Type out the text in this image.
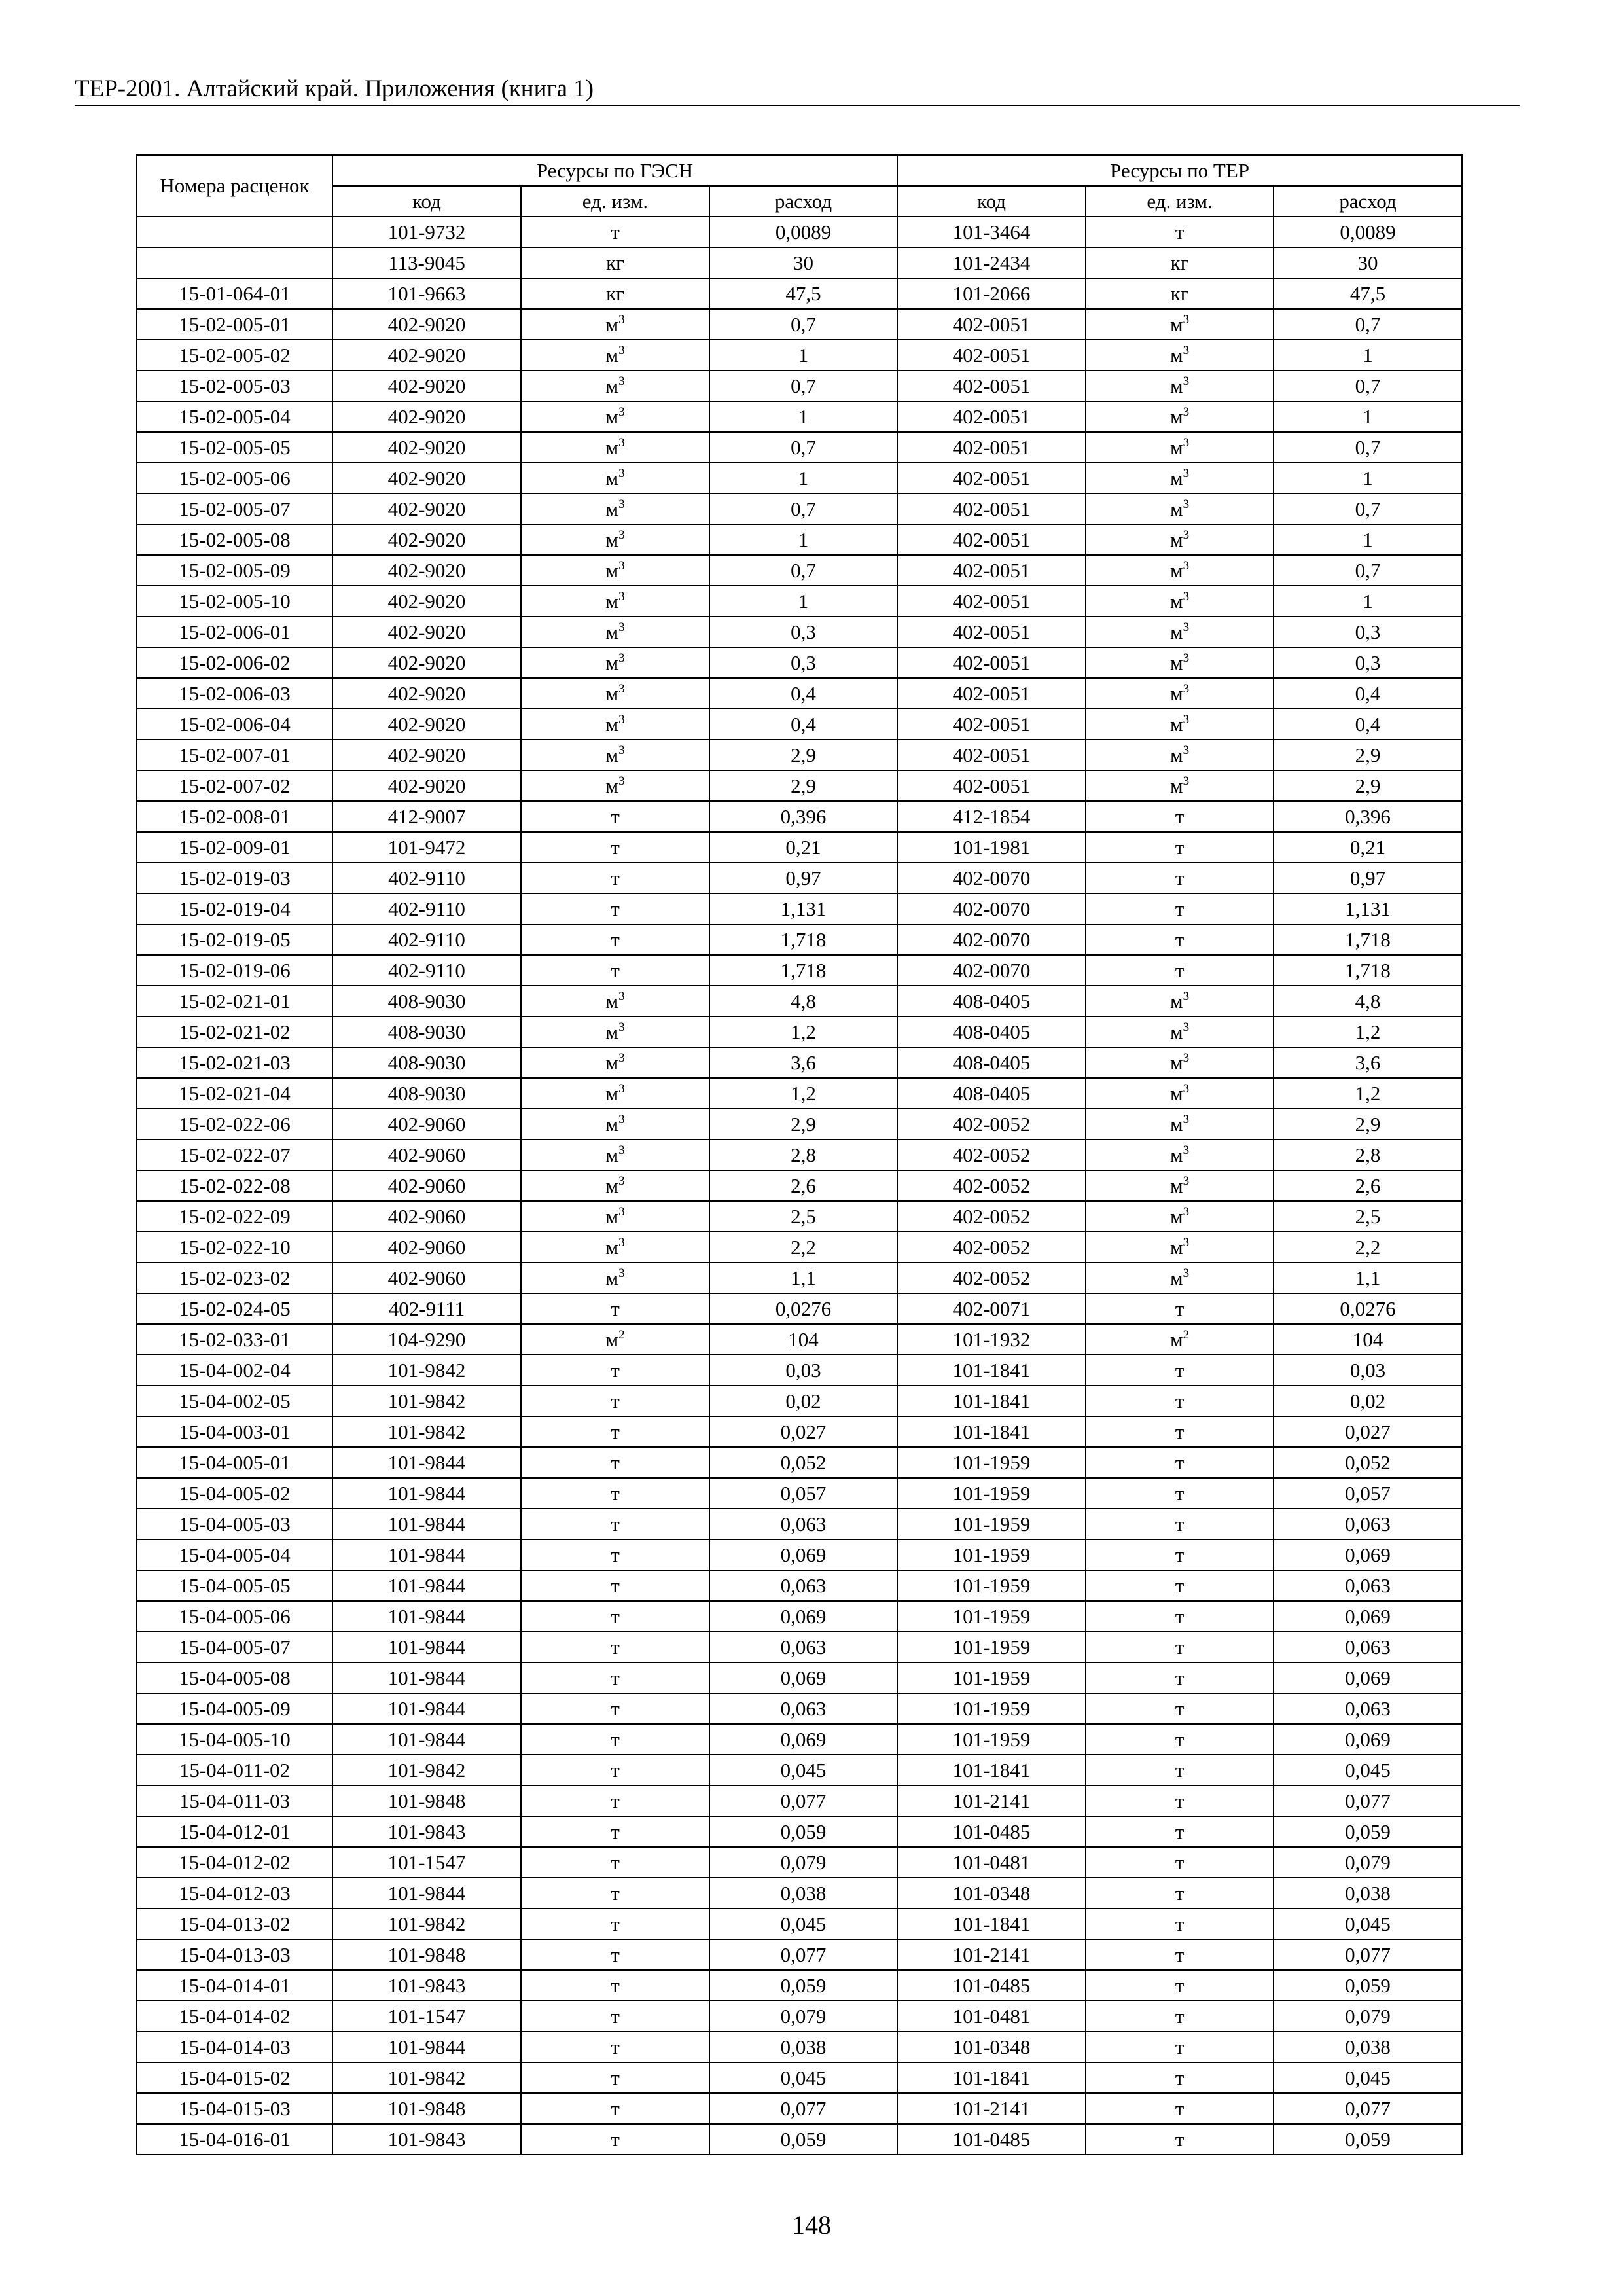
ТЕР-2001. Алтайский край. Приложения (книга 1)
Номера расценок	Ресурсы по ГЭСН			Ресурсы по ТЕР		
	код	ед. изм.	расход	код	ед. изм.	расход
	101-9732	т	0,0089	101-3464	т	0,0089
	113-9045	кг	30	101-2434	кг	30
15-01-064-01	101-9663	кг	47,5	101-2066	кг	47,5
15-02-005-01	402-9020	$м^3$	0,7	402-0051	$м^3$	0,7
15-02-005-02	402-9020	$м^3$	1	402-0051	$м^3$	1
15-02-005-03	402-9020	$м^3$	0,7	402-0051	$м^3$	0,7
15-02-005-04	402-9020	$м^3$	1	402-0051	$м^3$	1
15-02-005-05	402-9020	$м^3$	0,7	402-0051	$м^3$	0,7
15-02-005-06	402-9020	$м^3$	1	402-0051	$м^3$	1
15-02-005-07	402-9020	$м^3$	0,7	402-0051	$м^3$	0,7
15-02-005-08	402-9020	$м^3$	1	402-0051	$м^3$	1
15-02-005-09	402-9020	$м^3$	0,7	402-0051	$м^3$	0,7
15-02-005-10	402-9020	$м^3$	1	402-0051	$м^3$	1
15-02-006-01	402-9020	$м^3$	0,3	402-0051	$м^3$	0,3
15-02-006-02	402-9020	$м^3$	0,3	402-0051	$м^3$	0,3
15-02-006-03	402-9020	$м^3$	0,4	402-0051	$м^3$	0,4
15-02-006-04	402-9020	$м^3$	0,4	402-0051	$м^3$	0,4
15-02-007-01	402-9020	$м^3$	2,9	402-0051	$м^3$	2,9
15-02-007-02	402-9020	$м^3$	2,9	402-0051	$м^3$	2,9
15-02-008-01	412-9007	т	0,396	412-1854	т	0,396
15-02-009-01	101-9472	т	0,21	101-1981	т	0,21
15-02-019-03	402-9110	т	0,97	402-0070	т	0,97
15-02-019-04	402-9110	т	1,131	402-0070	т	1,131
15-02-019-05	402-9110	т	1,718	402-0070	т	1,718
15-02-019-06	402-9110	т	1,718	402-0070	т	1,718
15-02-021-01	408-9030	$м^3$	4,8	408-0405	$м^3$	4,8
15-02-021-02	408-9030	$м^3$	1,2	408-0405	$м^3$	1,2
15-02-021-03	408-9030	$м^3$	3,6	408-0405	$м^3$	3,6
15-02-021-04	408-9030	$м^3$	1,2	408-0405	$м^3$	1,2
15-02-022-06	402-9060	$м^3$	2,9	402-0052	$м^3$	2,9
15-02-022-07	402-9060	$м^3$	2,8	402-0052	$м^3$	2,8
15-02-022-08	402-9060	$м^3$	2,6	402-0052	$м^3$	2,6
15-02-022-09	402-9060	$м^3$	2,5	402-0052	$м^3$	2,5
15-02-022-10	402-9060	$м^3$	2,2	402-0052	$м^3$	2,2
15-02-023-02	402-9060	$м^3$	1,1	402-0052	$м^3$	1,1
15-02-024-05	402-9111	т	0,0276	402-0071	т	0,0276
15-02-033-01	104-9290	$м^2$	104	101-1932	$м^2$	104
15-04-002-04	101-9842	т	0,03	101-1841	т	0,03
15-04-002-05	101-9842	т	0,02	101-1841	т	0,02
15-04-003-01	101-9842	т	0,027	101-1841	т	0,027
15-04-005-01	101-9844	т	0,052	101-1959	т	0,052
15-04-005-02	101-9844	т	0,057	101-1959	т	0,057
15-04-005-03	101-9844	т	0,063	101-1959	т	0,063
15-04-005-04	101-9844	т	0,069	101-1959	т	0,069
15-04-005-05	101-9844	т	0,063	101-1959	т	0,063
15-04-005-06	101-9844	т	0,069	101-1959	т	0,069
15-04-005-07	101-9844	т	0,063	101-1959	т	0,063
15-04-005-08	101-9844	т	0,069	101-1959	т	0,069
15-04-005-09	101-9844	т	0,063	101-1959	т	0,063
15-04-005-10	101-9844	т	0,069	101-1959	т	0,069
15-04-011-02	101-9842	т	0,045	101-1841	т	0,045
15-04-011-03	101-9848	т	0,077	101-2141	т	0,077
15-04-012-01	101-9843	т	0,059	101-0485	т	0,059
15-04-012-02	101-1547	т	0,079	101-0481	т	0,079
15-04-012-03	101-9844	т	0,038	101-0348	т	0,038
15-04-013-02	101-9842	т	0,045	101-1841	т	0,045
15-04-013-03	101-9848	т	0,077	101-2141	т	0,077
15-04-014-01	101-9843	т	0,059	101-0485	т	0,059
15-04-014-02	101-1547	т	0,079	101-0481	т	0,079
15-04-014-03	101-9844	т	0,038	101-0348	т	0,038
15-04-015-02	101-9842	т	0,045	101-1841	т	0,045
15-04-015-03	101-9848	т	0,077	101-2141	т	0,077
15-04-016-01	101-9843	т	0,059	101-0485	т	0,059
148
